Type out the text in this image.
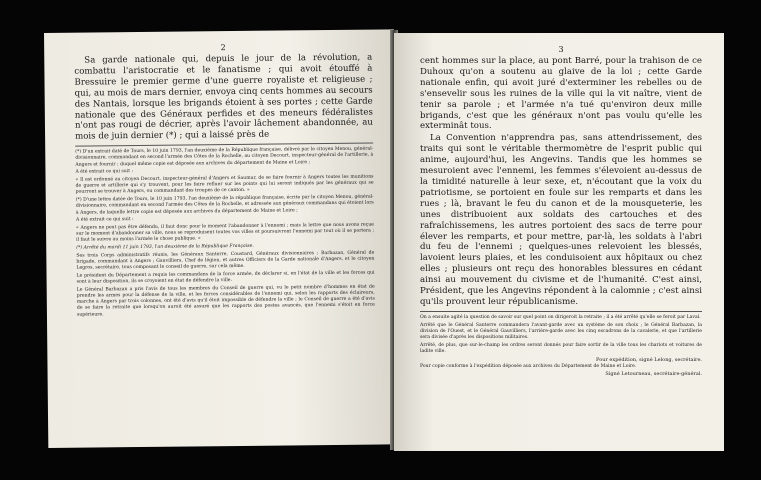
2

Sa garde nationale qui, depuis le jour de la révolution, a combattu l'aristocratie et le fanatisme ; qui avoit étouffé à Bressuire le premier germe d'une guerre royaliste et religieuse ; qui, au mois de mars dernier, envoya cinq cents hommes au secours des Nantais, lorsque les brigands étoient à ses portes ; cette Garde nationale que des Généraux perfides et des meneurs fédéralistes n'ont pas rougi de décrier, après l'avoir lâchement abandonnée, au mois de juin dernier (*) ; qui a laissé près de

(*) D'un extrait daté de Tours, le 10 juin 1793, l'an deuxième de la République française, délivré par le citoyen Menou, général-divisionnaire, commandant en second l'armée des Côtes de la Rochelle, au citoyen Decourt, inspecteur-général de l'artillerie, à Angers et fournir ; duquel même copie est déposée aux archives du département de Maine et Loire ;

A été extrait ce qui suit :

« Il est ordonné au citoyen Decourt, inspecteur-général d'Angers et Saumur, de se faire fournir à Angers toutes les munitions de guerre et artillerie qui s'y trouvent, pour les faire refluer sur les points qui lui seront indiqués par les généraux qui se pourront se trouver à Angers, ou commandant des troupes de ce canton. »

(*) D'une lettre datée de Tours, le 10 juin 1793, l'an deuxième de la république française, écrite par le citoyen Menou, général-divisionnaire, commandant en second l'armée des Côtes de la Rochelle, et adressée aux généraux commandans qui étoient lors à Angers, de laquelle lettre copie est déposée aux archives du département de Maine et Loire ;

A été extrait ce qui suit :

« Angers ne peut pas être défendu, il faut donc pour le moment l'abandonner à l'ennemi ; mais la lettre que nous avons reçue sur le moment d'abandonner sa ville, nous se reproduisent toutes vos villes et poursuivront l'ennemi par tout où il se portera ; il faut le suivre au moins l'armée le chose publique. »

(*) Arrêté du mardi 11 juin 1793, l'an deuxième de la République Française.

Ses trois Corps administratifs réunis, les Généraux Santerre, Coustard, Généraux divisionnaires ; Barbazan, Général de brigade, commandant à Angers ; Gauvilliers, Chef de légion, et autres Officiers de la Garde nationale d'Angers, et le citoyen Legros, secrétaire, tous composant le conseil de guerre, sur cela même.

Le président du Département a requis les commandans de la force armée, de déclarer si, en l'état de la ville et les forces qui sont à leur disposition, ils se croyoient en état de défendre la ville.

Le Général Barbazan a pris l'avis de tous les membres du Conseil de guerre qui, vu le petit nombre d'hommes en état de prendre les armes pour la défense de la ville, et les forces considérables de l'ennemi qui, selon les rapports des éclaireurs, marche à Angers par trois colonnes, ont été d'avis qu'il étoit impossible de défendre la ville ; le Conseil de guerre a été d'avis de se faire la retraite que lorsqu'on auroit été assuré que les rapports des postes avancés, que l'ennemi s'étoit en force supérieure.

3

cent hommes sur la place, au pont Barré, pour la trahison de ce Duhoux qu'on a soutenu au glaive de la loi ; cette Garde nationale enfin, qui avoit juré d'exterminer les rebelles ou de s'ensevelir sous les ruines de la ville qui la vit naître, vient de tenir sa parole ; et l'armée n'a tué qu'environ deux mille brigands, c'est que les généraux n'ont pas voulu qu'elle les exterminât tous.

La Convention n'apprendra pas, sans attendrissement, des traits qui sont le véritable thermomètre de l'esprit public qui anime, aujourd'hui, les Angevins. Tandis que les hommes se mesuroient avec l'ennemi, les femmes s'élevoient au-dessus de la timidité naturelle à leur sexe, et, n'écoutant que la voix du patriotisme, se portoient en foule sur les remparts et dans les rues ; là, bravant le feu du canon et de la mousqueterie, les unes distribuoient aux soldats des cartouches et des rafraîchissemens, les autres portoient des sacs de terre pour élever les remparts, et pour mettre, par-là, les soldats à l'abri du feu de l'ennemi ; quelques-unes relevoient les blessés, lavoient leurs plaies, et les conduisoient aux hôpitaux ou chez elles ; plusieurs ont reçu des honorables blessures en cédant ainsi au mouvement du civisme et de l'humanité. C'est ainsi, Président, que les Angevins répondent à la calomnie ; c'est ainsi qu'ils prouvent leur républicanisme.

On a ensuite agité la question de savoir sur quel point on dirigeroit la retraite ; il a été arrêté qu'elle se feroit par Laval.

Arrêté que le Général Santerre commandera l'avant-garde avec un système de son choix ; le Général Barbazan, la division de l'Ouest, et le Général Gauvilliers, l'arrière-garde avec les cinq escadrons de la cavalerie, et que l'artillerie sera divisée d'après les dispositions militaires.

Arrêté, de plus, que sur-le-champ les ordres seront donnés pour faire sortir de la ville tous les chariots et voitures de ladite ville.

Pour expédition, signé Lelong, secrétaire.

Pour copie conforme à l'expédition déposée aux archives du Département de Maine et Loire.

Signé Letourneau, secrétaire-général.
